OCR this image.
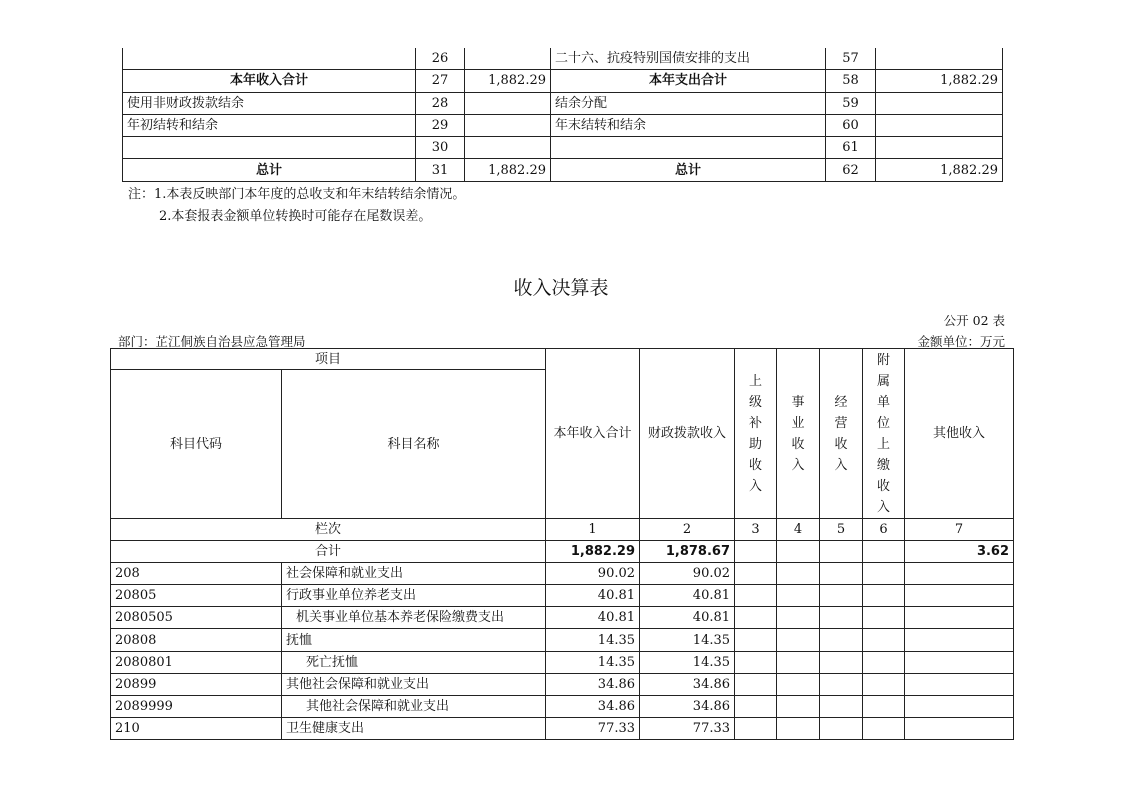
	26		二十六、抗疫特别国债安排的支出	57	
本年收入合计	27	1,882.29	本年支出合计	58	1,882.29
使用非财政拨款结余	28		结余分配	59	
年初结转和结余	29		年末结转和结余	60	
	30			61	
总计	31	1,882.29	总计	62	1,882.29
注：1.本表反映部门本年度的总收支和年末结转结余情况。
2.本套报表金额单位转换时可能存在尾数误差。
收入决算表
公开 02 表
部门：芷江侗族自治县应急管理局	金额单位：万元
项目		本年收入合计	财政拨款收入	上级补助收入	事业收入	经营收入	附属单位上缴收入	其他收入
科目代码	科目名称							
栏次		1	2	3	4	5	6	7
合计		1,882.29	1,878.67					3.62
208	社会保障和就业支出	90.02	90.02					
20805	行政事业单位养老支出	40.81	40.81					
2080505	机关事业单位基本养老保险缴费支出	40.81	40.81					
20808	抚恤	14.35	14.35					
2080801	死亡抚恤	14.35	14.35					
20899	其他社会保障和就业支出	34.86	34.86					
2089999	其他社会保障和就业支出	34.86	34.86					
210	卫生健康支出	77.33	77.33					
